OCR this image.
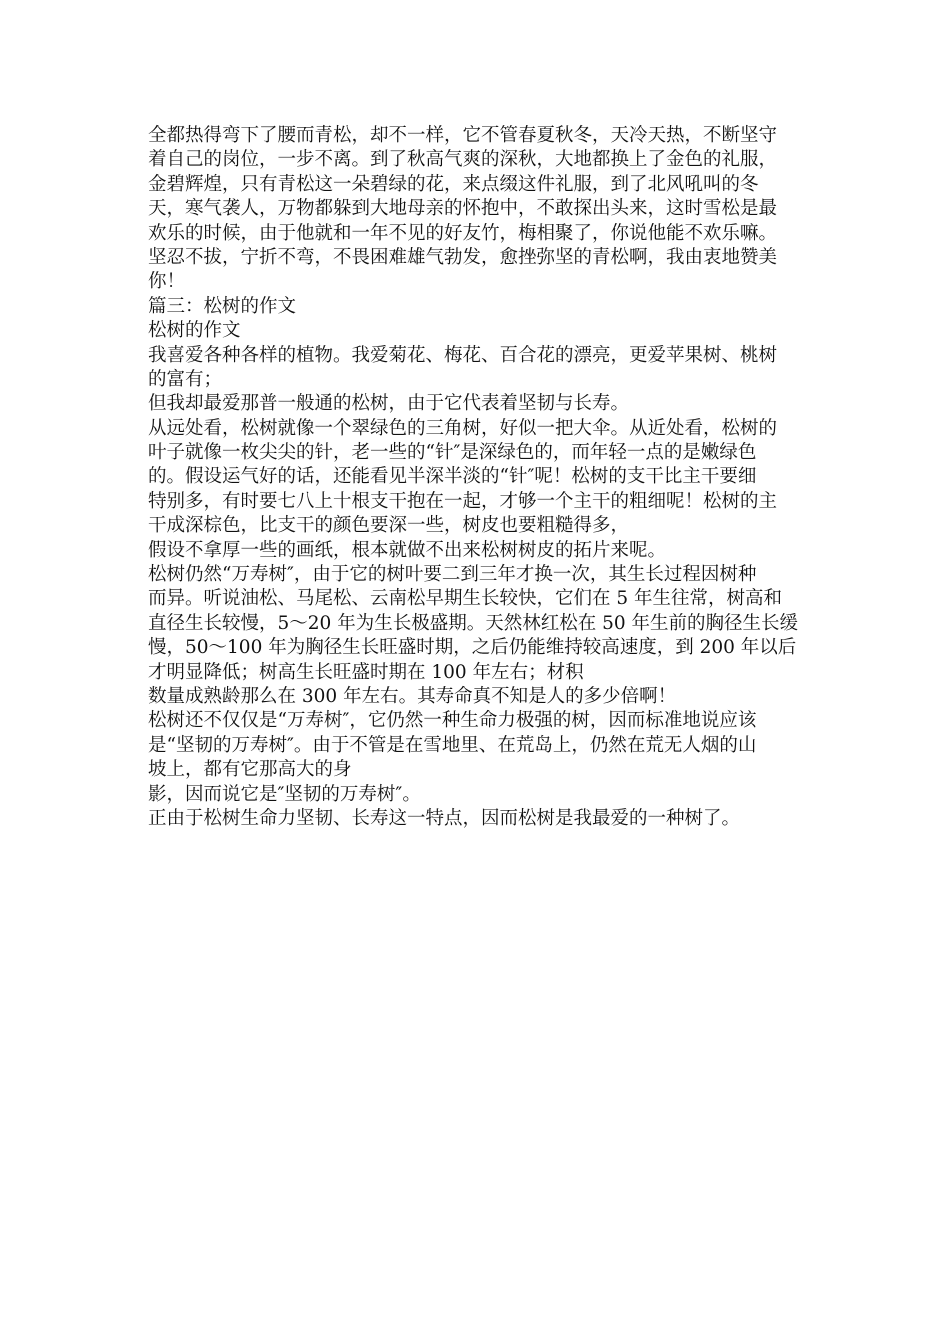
全都热得弯下了腰而青松，却不一样，它不管春夏秋冬，天冷天热，不断坚守
着自己的岗位，一步不离。到了秋高气爽的深秋，大地都换上了金色的礼服，
金碧辉煌，只有青松这一朵碧绿的花，来点缀这件礼服，到了北风吼叫的冬
天，寒气袭人，万物都躲到大地母亲的怀抱中，不敢探出头来，这时雪松是最
欢乐的时候，由于他就和一年不见的好友竹，梅相聚了，你说他能不欢乐嘛。
坚忍不拔，宁折不弯，不畏困难雄气勃发，愈挫弥坚的青松啊，我由衷地赞美
你！
篇三：松树的作文
松树的作文
我喜爱各种各样的植物。我爱菊花、梅花、百合花的漂亮，更爱苹果树、桃树
的富有；
但我却最爱那普一般通的松树，由于它代表着坚韧与长寿。
从远处看，松树就像一个翠绿色的三角树，好似一把大伞。从近处看，松树的
叶子就像一枚尖尖的针，老一些的“针″是深绿色的，而年轻一点的是嫩绿色
的。假设运气好的话，还能看见半深半淡的“针″呢！松树的支干比主干要细
特别多，有时要七八上十根支干抱在一起，才够一个主干的粗细呢！松树的主
干成深棕色，比支干的颜色要深一些，树皮也要粗糙得多，
假设不拿厚一些的画纸，根本就做不出来松树树皮的拓片来呢。
松树仍然“万寿树″，由于它的树叶要二到三年才换一次，其生长过程因树种
而异。听说油松、马尾松、云南松早期生长较快，它们在 5 年生往常，树高和
直径生长较慢，5～20 年为生长极盛期。天然林红松在 50 年生前的胸径生长缓
慢，50～100 年为胸径生长旺盛时期，之后仍能维持较高速度，到 200 年以后
才明显降低；树高生长旺盛时期在 100 年左右；材积
数量成熟龄那么在 300 年左右。其寿命真不知是人的多少倍啊！
松树还不仅仅是“万寿树″，它仍然一种生命力极强的树，因而标准地说应该
是“坚韧的万寿树″。由于不管是在雪地里、在荒岛上，仍然在荒无人烟的山
坡上，都有它那高大的身
影，因而说它是″坚韧的万寿树″。
正由于松树生命力坚韧、长寿这一特点，因而松树是我最爱的一种树了。
